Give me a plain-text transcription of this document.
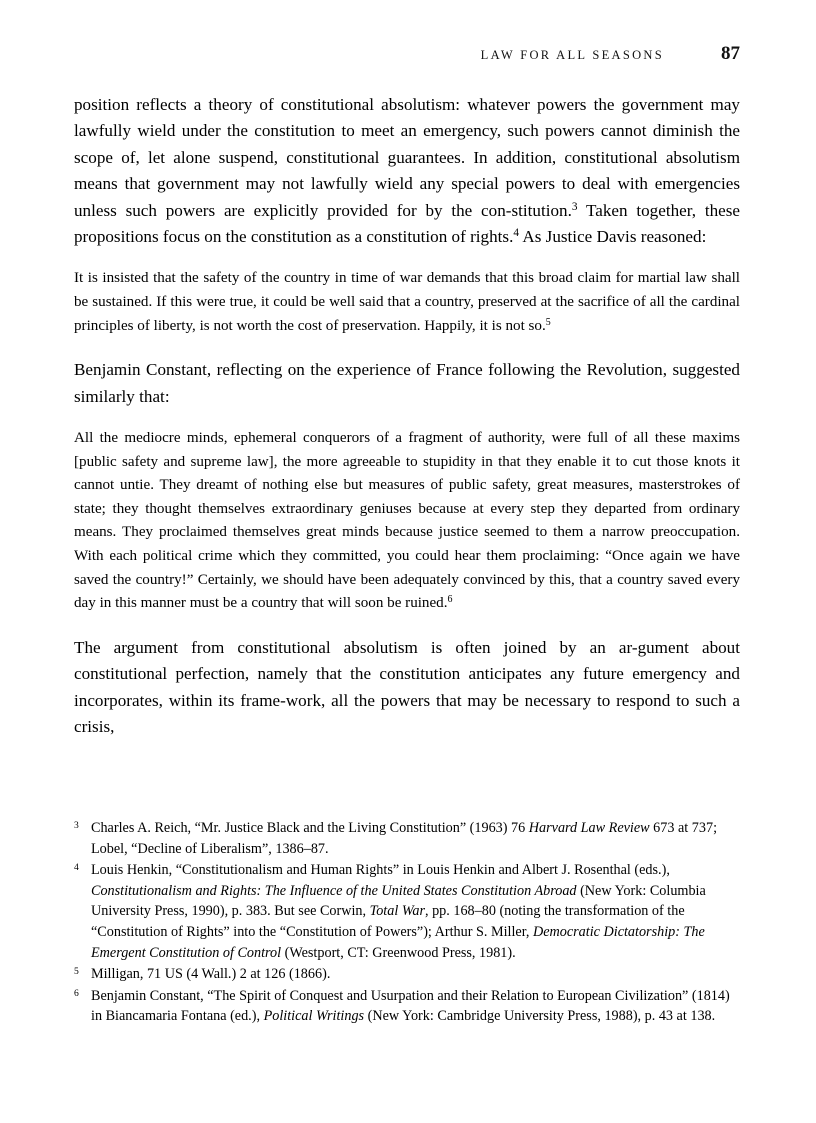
LAW FOR ALL SEASONS	87

position reflects a theory of constitutional absolutism: whatever powers the government may lawfully wield under the constitution to meet an emergency, such powers cannot diminish the scope of, let alone suspend, constitutional guarantees. In addition, constitutional absolutism means that government may not lawfully wield any special powers to deal with emergencies unless such powers are explicitly provided for by the con-stitution.$^3$ Taken together, these propositions focus on the constitution as a constitution of rights.$^4$ As Justice Davis reasoned:

It is insisted that the safety of the country in time of war demands that this broad claim for martial law shall be sustained. If this were true, it could be well said that a country, preserved at the sacrifice of all the cardinal principles of liberty, is not worth the cost of preservation. Happily, it is not so.$^5$

Benjamin Constant, reflecting on the experience of France following the Revolution, suggested similarly that:

All the mediocre minds, ephemeral conquerors of a fragment of authority, were full of all these maxims [public safety and supreme law], the more agreeable to stupidity in that they enable it to cut those knots it cannot untie. They dreamt of nothing else but measures of public safety, great measures, masterstrokes of state; they thought themselves extraordinary geniuses because at every step they departed from ordinary means. They proclaimed themselves great minds because justice seemed to them a narrow preoccupation. With each political crime which they committed, you could hear them proclaiming: “Once again we have saved the country!” Certainly, we should have been adequately convinced by this, that a country saved every day in this manner must be a country that will soon be ruined.$^6$

The argument from constitutional absolutism is often joined by an ar-gument about constitutional perfection, namely that the constitution anticipates any future emergency and incorporates, within its frame-work, all the powers that may be necessary to respond to such a crisis,

3 Charles A. Reich, “Mr. Justice Black and the Living Constitution” (1963) 76 Harvard Law Review 673 at 737; Lobel, “Decline of Liberalism”, 1386–87.
4 Louis Henkin, “Constitutionalism and Human Rights” in Louis Henkin and Albert J. Rosenthal (eds.), Constitutionalism and Rights: The Influence of the United States Constitution Abroad (New York: Columbia University Press, 1990), p. 383. But see Corwin, Total War, pp. 168–80 (noting the transformation of the “Constitution of Rights” into the “Constitution of Powers”); Arthur S. Miller, Democratic Dictatorship: The Emergent Constitution of Control (Westport, CT: Greenwood Press, 1981).
5 Milligan, 71 US (4 Wall.) 2 at 126 (1866).
6 Benjamin Constant, “The Spirit of Conquest and Usurpation and their Relation to European Civilization” (1814) in Biancamaria Fontana (ed.), Political Writings (New York: Cambridge University Press, 1988), p. 43 at 138.
